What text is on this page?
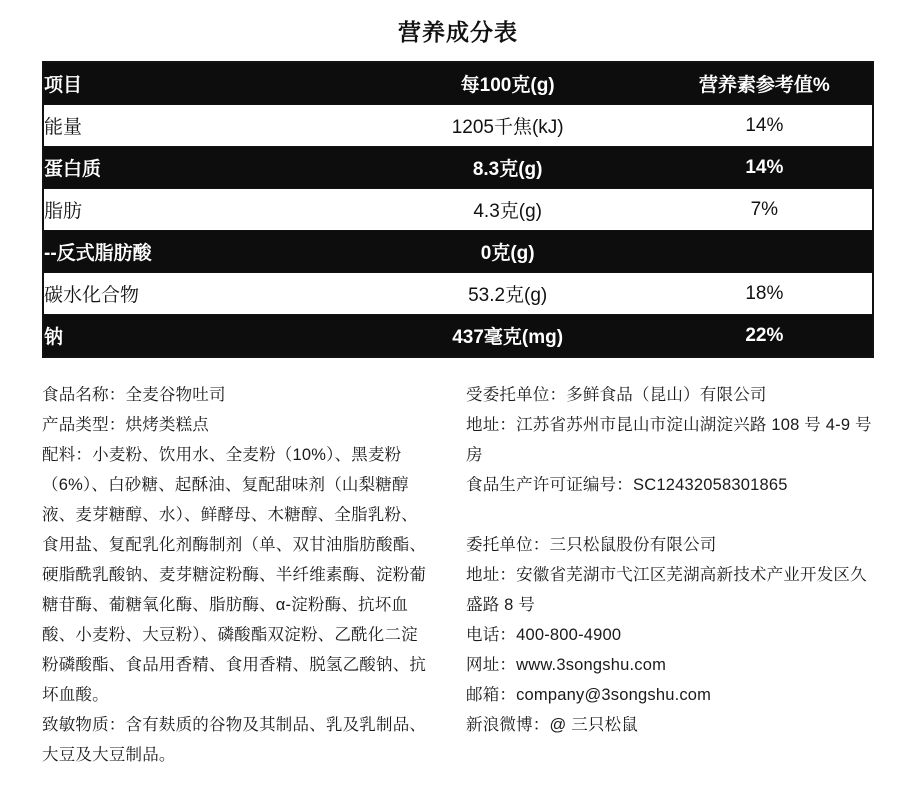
营养成分表
项目	每100克(g)	营养素参考值%
能量	1205千焦(kJ)	14%
蛋白质	8.3克(g)	14%
脂肪	4.3克(g)	7%
--反式脂肪酸	0克(g)	
碳水化合物	53.2克(g)	18%
钠	437毫克(mg)	22%
食品名称：全麦谷物吐司
产品类型：烘烤类糕点
配料：小麦粉、饮用水、全麦粉（10%）、黑麦粉（6%）、白砂糖、起酥油、复配甜味剂（山梨糖醇液、麦芽糖醇、水）、鲜酵母、木糖醇、全脂乳粉、食用盐、复配乳化剂酶制剂（单、双甘油脂肪酸酯、硬脂酰乳酸钠、麦芽糖淀粉酶、半纤维素酶、淀粉葡糖苷酶、葡糖氧化酶、脂肪酶、α-淀粉酶、抗坏血酸、小麦粉、大豆粉）、磷酸酯双淀粉、乙酰化二淀粉磷酸酯、食品用香精、食用香精、脱氢乙酸钠、抗坏血酸。
致敏物质：含有麸质的谷物及其制品、乳及乳制品、大豆及大豆制品。
受委托单位：多鲜食品（昆山）有限公司
地址：江苏省苏州市昆山市淀山湖淀兴路 108 号 4-9 号房
食品生产许可证编号：SC12432058301865
委托单位：三只松鼠股份有限公司
地址：安徽省芜湖市弋江区芜湖高新技术产业开发区久盛路 8 号
电话：400-800-4900
网址：www.3songshu.com
邮箱：company@3songshu.com
新浪微博：@ 三只松鼠
